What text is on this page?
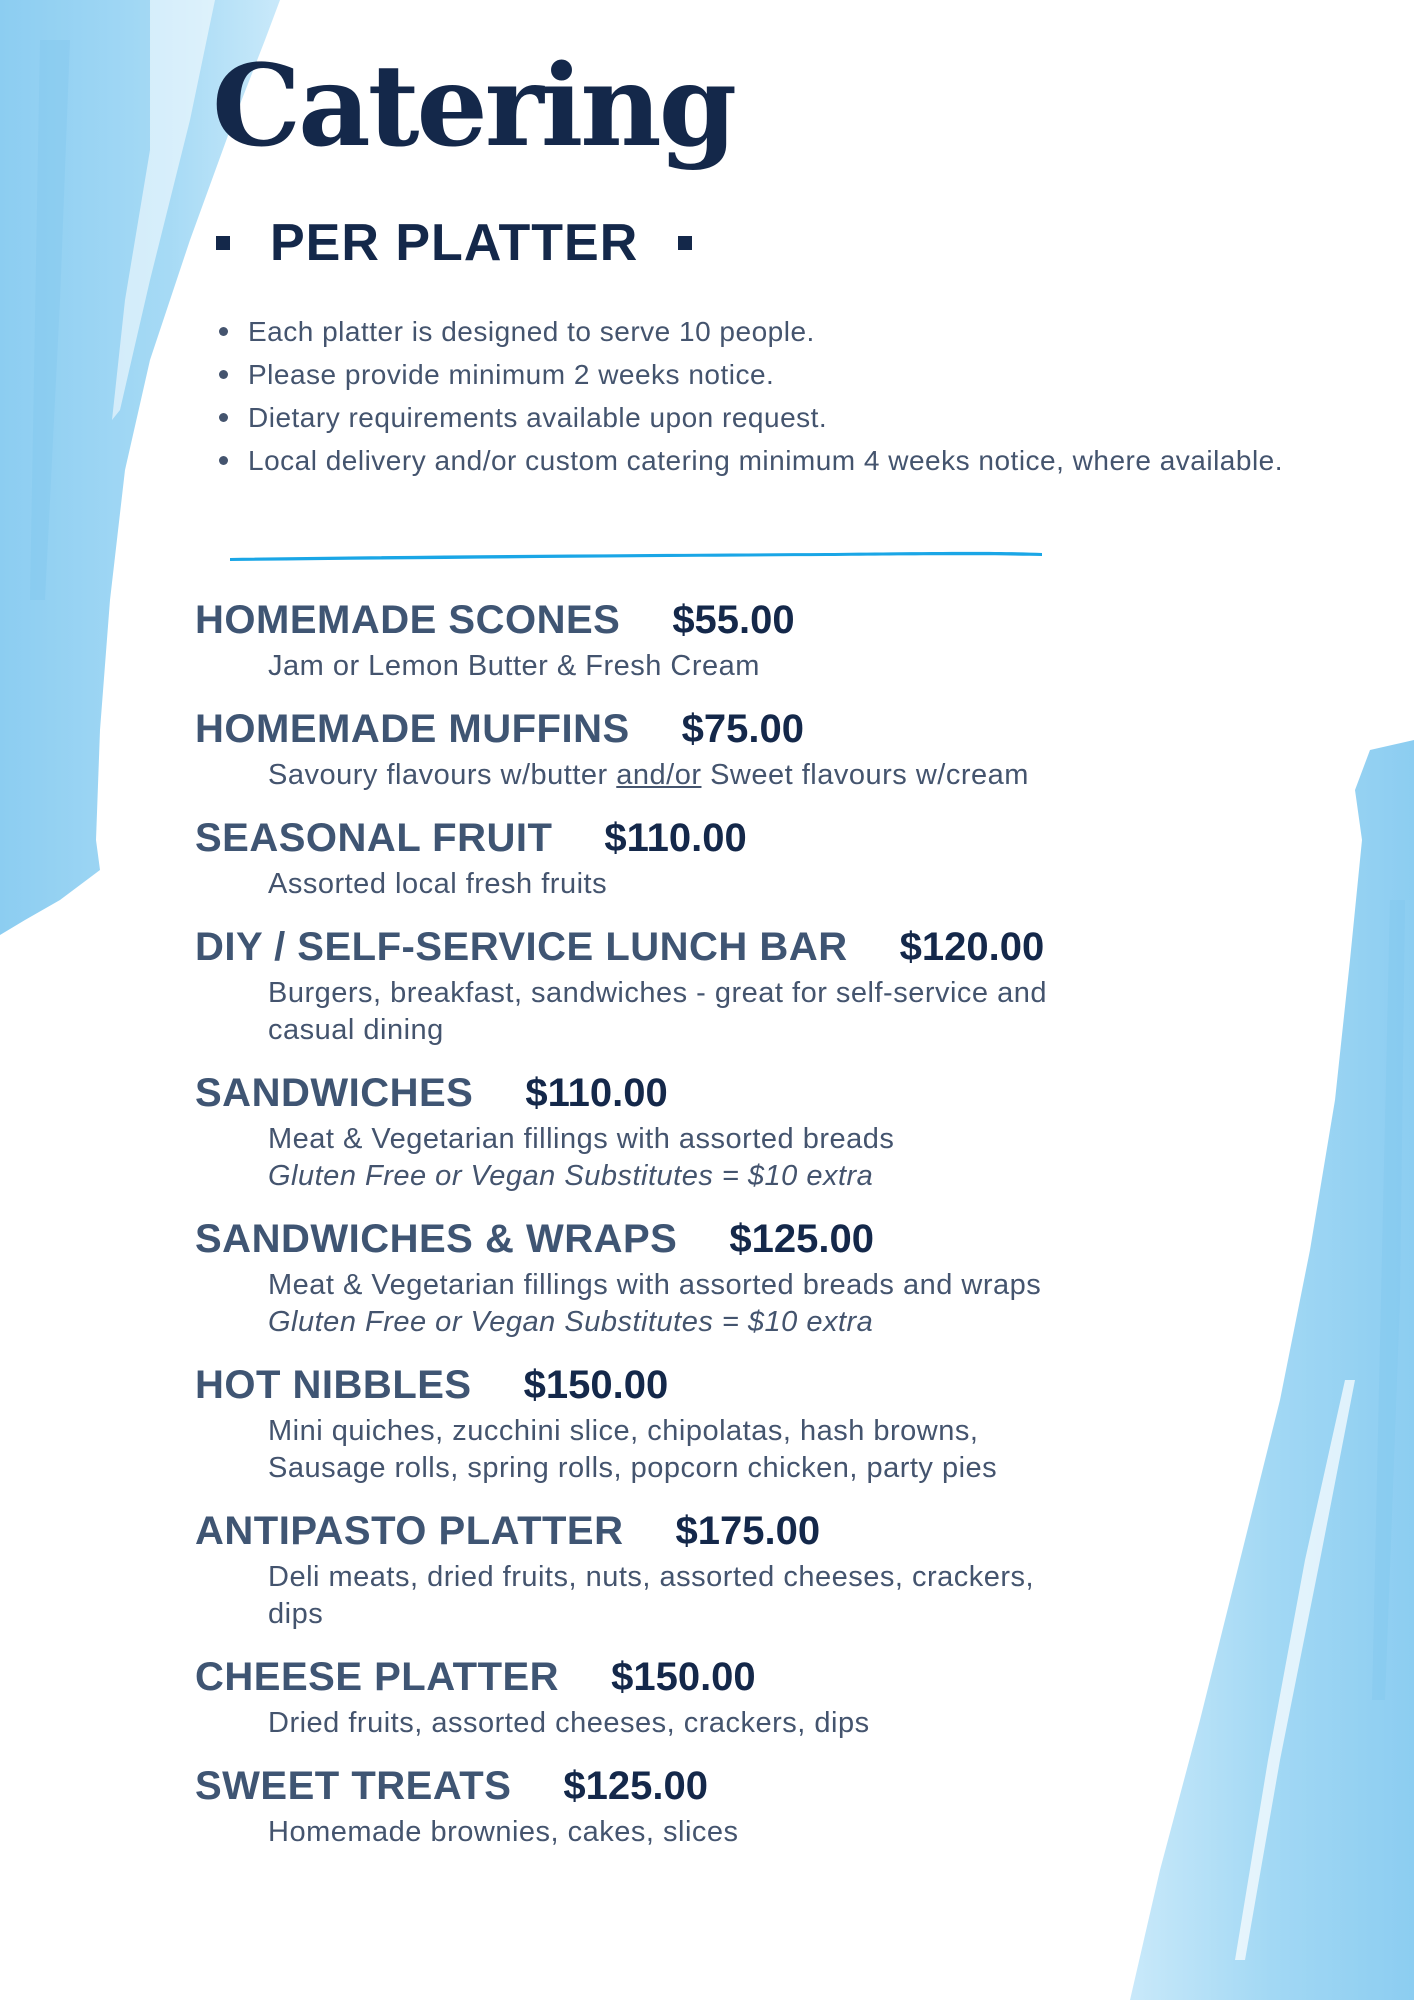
Catering
PER PLATTER
Each platter is designed to serve 10 people.
Please provide minimum 2 weeks notice.
Dietary requirements available upon request.
Local delivery and/or custom catering minimum 4 weeks notice, where available.
HOMEMADE SCONES $55.00
Jam or Lemon Butter & Fresh Cream
HOMEMADE MUFFINS $75.00
Savoury flavours w/butter and/or Sweet flavours w/cream
SEASONAL FRUIT $110.00
Assorted local fresh fruits
DIY / SELF-SERVICE LUNCH BAR $120.00
Burgers, breakfast, sandwiches - great for self-service and casual dining
SANDWICHES $110.00
Meat & Vegetarian fillings with assorted breads
Gluten Free or Vegan Substitutes = $10 extra
SANDWICHES & WRAPS $125.00
Meat & Vegetarian fillings with assorted breads and wraps
Gluten Free or Vegan Substitutes = $10 extra
HOT NIBBLES $150.00
Mini quiches, zucchini slice, chipolatas, hash browns,
Sausage rolls, spring rolls, popcorn chicken, party pies
ANTIPASTO PLATTER $175.00
Deli meats, dried fruits, nuts, assorted cheeses, crackers, dips
CHEESE PLATTER $150.00
Dried fruits, assorted cheeses, crackers, dips
SWEET TREATS $125.00
Homemade brownies, cakes, slices
